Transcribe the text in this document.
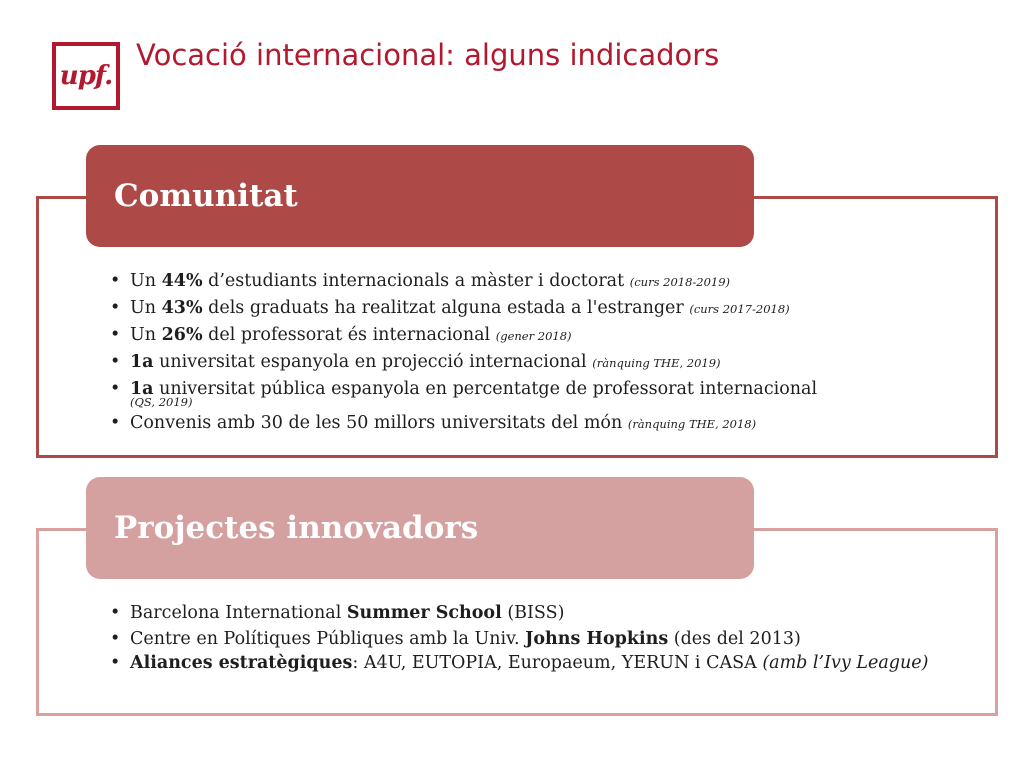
upf.
Vocació internacional: alguns indicadors
Comunitat
• Un 44% d’estudiants internacionals a màster i doctorat (curs 2018-2019)
• Un 43% dels graduats ha realitzat alguna estada a l'estranger (curs 2017-2018)
• Un 26% del professorat és internacional (gener 2018)
• 1a universitat espanyola en projecció internacional (rànquing THE, 2019)
• 1a universitat pública espanyola en percentatge de professorat internacional
(QS, 2019)
• Convenis amb 30 de les 50 millors universitats del món (rànquing THE, 2018)
Projectes innovadors
• Barcelona International Summer School (BISS)
• Centre en Polítiques Públiques amb la Univ. Johns Hopkins (des del 2013)
• Aliances estratègiques: A4U, EUTOPIA, Europaeum, YERUN i CASA (amb l’Ivy League)
